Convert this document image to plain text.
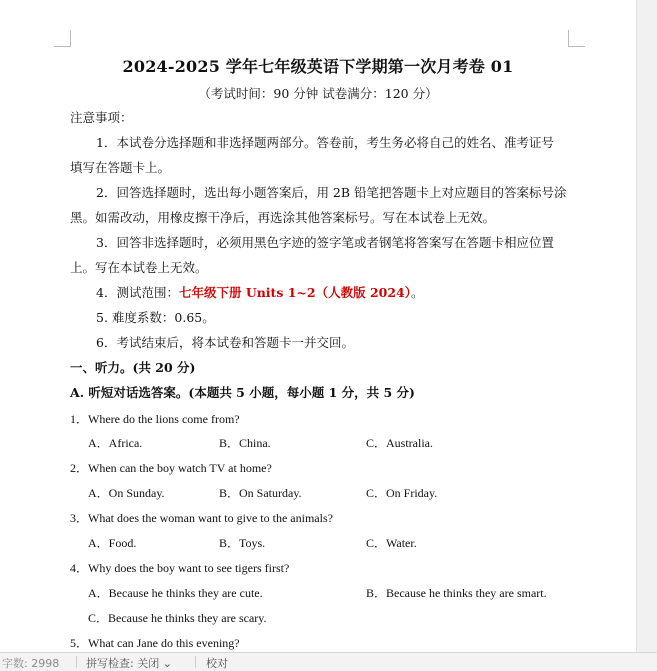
2024-2025 学年七年级英语下学期第一次月考卷 01
（考试时间：90 分钟 试卷满分：120 分）
注意事项：
1．本试卷分选择题和非选择题两部分。答卷前，考生务必将自己的姓名、准考证号
填写在答题卡上。
2．回答选择题时，选出每小题答案后，用 2B 铅笔把答题卡上对应题目的答案标号涂
黑。如需改动，用橡皮擦干净后，再选涂其他答案标号。写在本试卷上无效。
3．回答非选择题时，必须用黑色字迹的签字笔或者钢笔将答案写在答题卡相应位置
上。写在本试卷上无效。
4．测试范围：七年级下册 Units 1~2（人教版 2024）。
5. 难度系数：0.65。
6．考试结束后，将本试卷和答题卡一并交回。
一、听力。(共 20 分)
A. 听短对话选答案。(本题共 5 小题，每小题 1 分，共 5 分)
1．Where do the lions come from?
A．Africa.	B．China.	C．Australia.
2．When can the boy watch TV at home?
A．On Sunday.	B．On Saturday.	C．On Friday.
3．What does the woman want to give to the animals?
A．Food.	B．Toys.	C．Water.
4．Why does the boy want to see tigers first?
A．Because he thinks they are cute.	B．Because he thinks they are smart.
C．Because he thinks they are scary.
5．What can Jane do this evening?
字数: 2998 拼写检查: 关闭 ⌄	校对
